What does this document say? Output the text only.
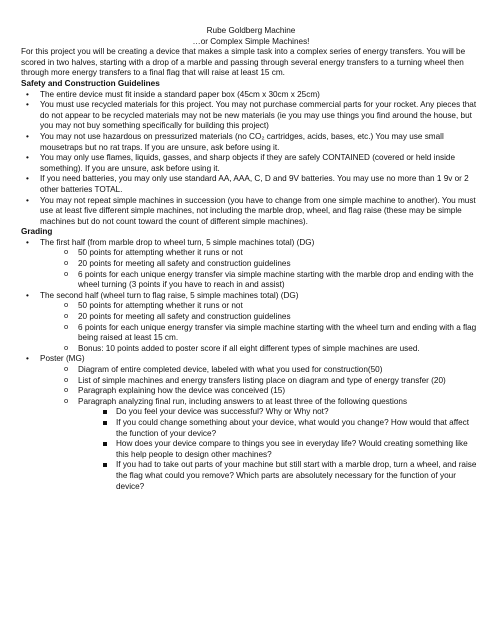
Rube Goldberg Machine

…or Complex Simple Machines!

For this project you will be creating a device that makes a simple task into a complex series of energy transfers. You will be scored in two halves, starting with a drop of a marble and passing through several energy transfers to a turning wheel then through more energy transfers to a final flag that will raise at least 15 cm.

Safety and Construction Guidelines
• The entire device must fit inside a standard paper box (45cm x 30cm x 25cm)
• You must use recycled materials for this project. You may not purchase commercial parts for your rocket. Any pieces that do not appear to be recycled materials may not be new materials (ie you may use things you find around the house, but you may not buy something specifically for building this project)
• You may not use hazardous on pressurized materials (no CO₂ cartridges, acids, bases, etc.) You may use small mousetraps but no rat traps. If you are unsure, ask before using it.
• You may only use flames, liquids, gasses, and sharp objects if they are safely CONTAINED (covered or held inside something). If you are unsure, ask before using it.
• If you need batteries, you may only use standard AA, AAA, C, D and 9V batteries. You may use no more than 1 9v or 2 other batteries TOTAL.
• You may not repeat simple machines in succession (you have to change from one simple machine to another). You must use at least five different simple machines, not including the marble drop, wheel, and flag raise (these may be simple machines but do not count toward the count of different simple machines).
Grading
• The first half (from marble drop to wheel turn, 5 simple machines total) (DG)
o 50 points for attempting whether it runs or not
o 20 points for meeting all safety and construction guidelines
o 6 points for each unique energy transfer via simple machine starting with the marble drop and ending with the wheel turning (3 points if you have to reach in and assist)
• The second half (wheel turn to flag raise, 5 simple machines total) (DG)
o 50 points for attempting whether it runs or not
o 20 points for meeting all safety and construction guidelines
o 6 points for each unique energy transfer via simple machine starting with the wheel turn and ending with a flag being raised at least 15 cm.
o Bonus: 10 points added to poster score if all eight different types of simple machines are used.
• Poster (MG)
o Diagram of entire completed device, labeled with what you used for construction(50)
o List of simple machines and energy transfers listing place on diagram and type of energy transfer (20)
o Paragraph explaining how the device was conceived (15)
o Paragraph analyzing final run, including answers to at least three of the following questions
Do you feel your device was successful? Why or Why not?
If you could change something about your device, what would you change? How would that affect the function of your device?
How does your device compare to things you see in everyday life? Would creating something like this help people to design other machines?
If you had to take out parts of your machine but still start with a marble drop, turn a wheel, and raise the flag what could you remove? Which parts are absolutely necessary for the function of your device?
